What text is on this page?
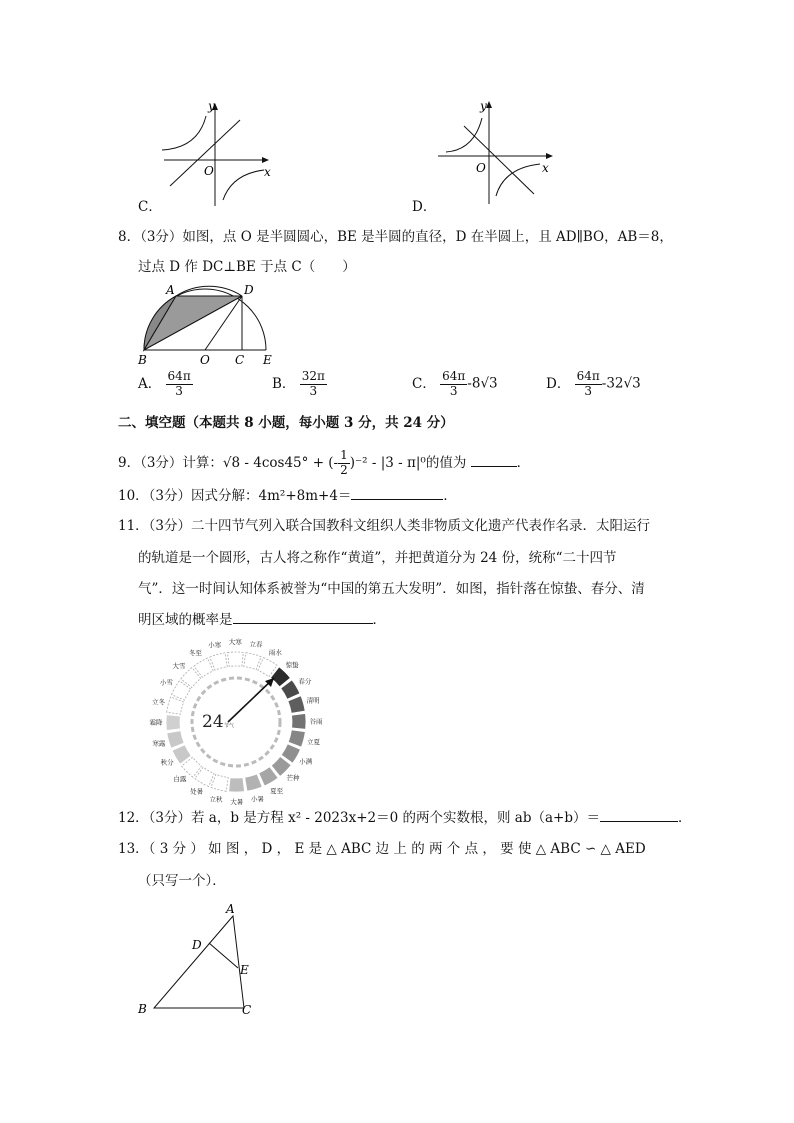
y
x
O
C．
y
x
O
D．
8．（3分）如图，点 O 是半圆圆心，BE 是半圆的直径，D 在半圆上，且 AD∥BO，AB＝8，
过点 D 作 DC⊥BE 于点 C（　　）
A	D
B	O C E
A． $\frac{64\pi}{3}$	B． $\frac{32\pi}{3}$	C． $\frac{64\pi}{3} -8√3$	D． $\frac{64\pi}{3} -32√3$
二、填空题（本题共 8 小题，每小题 3 分，共 24 分）
9．（3分）计算：√8 - 4cos45° + (- $\frac{1}{2} )^{-2} - |3 - \pi|^0$的值为	．
10．（3分）因式分解：4m²+8m+4＝	．
11．（3分）二十四节气列入联合国教科文组织人类非物质文化遗产代表作名录．太阳运行
的轨道是一个圆形，古人将之称作“黄道”，并把黄道分为 24 份，统称“二十四节
气”．这一时间认知体系被誉为“中国的第五大发明”．如图，指针落在惊蛰、春分、清
明区域的概率是	．
冬至
小寒 大寒 立春
雨水
惊蛰
春分
清明
谷雨
立夏
小满
芒种
夏至
小暑
大暑
立秋
处暑
白露
秋分
寒露
霜降
立冬
小雪
大雪
24 节气
12．（3分）若 a，b 是方程 x² - 2023x+2＝0 的两个实数根，则 ab（a+b）＝	．
13．（ 3 分 ） 如 图 ， D ， E 是 △ ABC 边 上 的 两 个 点 ， 要 使 △ ABC ∽ △ AED
（只写一个）．
A
D
E
B	C
